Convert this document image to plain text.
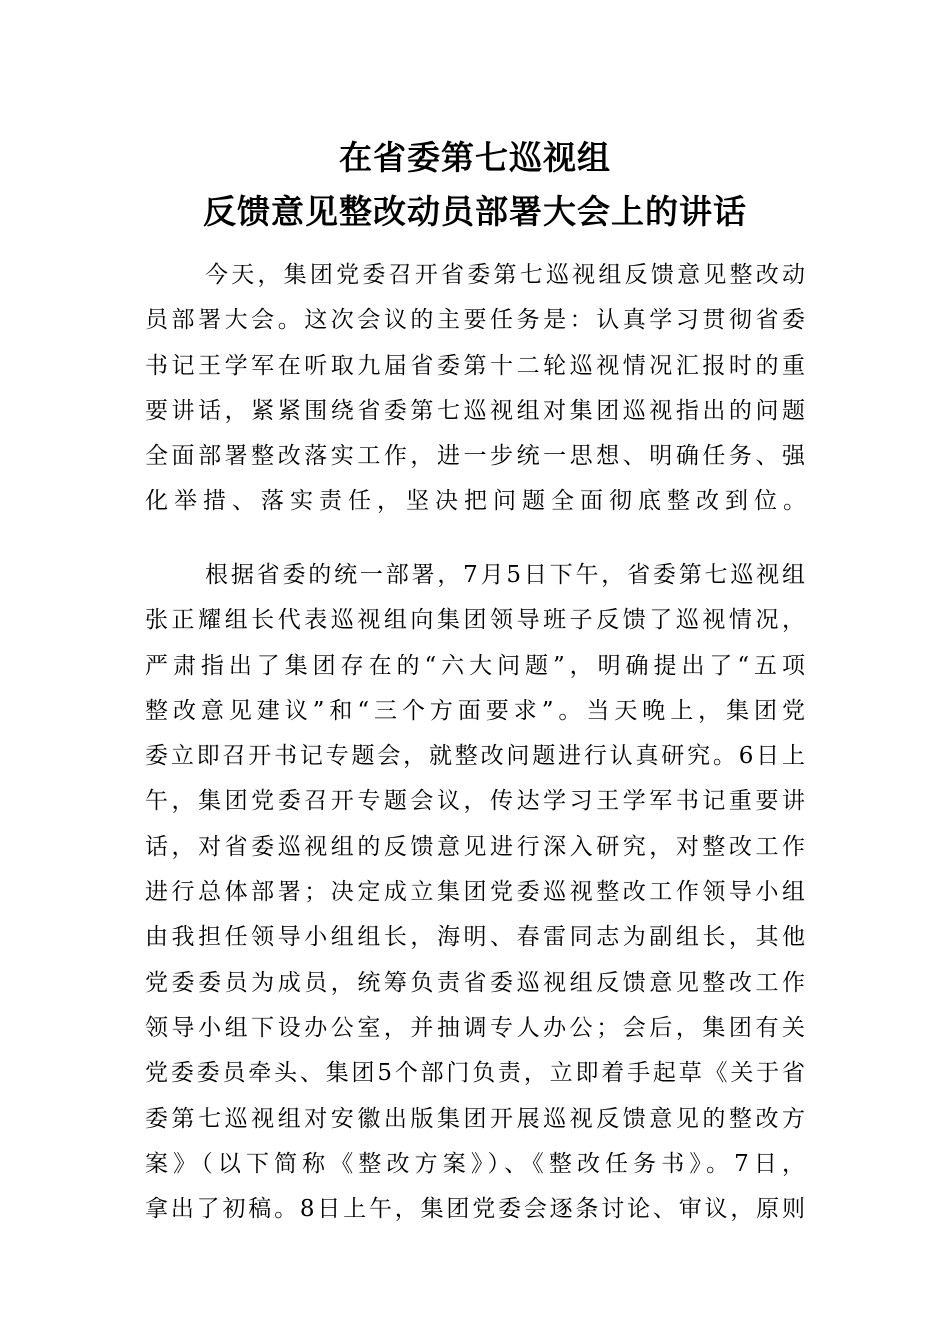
在省委第七巡视组
反馈意见整改动员部署大会上的讲话
今天，集团党委召开省委第七巡视组反馈意见整改动
员部署大会。这次会议的主要任务是：认真学习贯彻省委
书记王学军在听取九届省委第十二轮巡视情况汇报时的重
要讲话，紧紧围绕省委第七巡视组对集团巡视指出的问题
全面部署整改落实工作，进一步统一思想、明确任务、强
化举措、落实责任，坚决把问题全面彻底整改到位。
根据省委的统一部署，7月5日下午，省委第七巡视组
张正耀组长代表巡视组向集团领导班子反馈了巡视情况，
严肃指出了集团存在的“六大问题”，明确提出了“五项
整改意见建议”和“三个方面要求”。当天晚上，集团党
委立即召开书记专题会，就整改问题进行认真研究。6日上
午，集团党委召开专题会议，传达学习王学军书记重要讲
话，对省委巡视组的反馈意见进行深入研究，对整改工作
进行总体部署；决定成立集团党委巡视整改工作领导小组
由我担任领导小组组长，海明、春雷同志为副组长，其他
党委委员为成员，统筹负责省委巡视组反馈意见整改工作
领导小组下设办公室，并抽调专人办公；会后，集团有关
党委委员牵头、集团5个部门负责，立即着手起草《关于省
委第七巡视组对安徽出版集团开展巡视反馈意见的整改方
案》（以下简称《整改方案》）、《整改任务书》。7日，
拿出了初稿。8日上午，集团党委会逐条讨论、审议，原则
